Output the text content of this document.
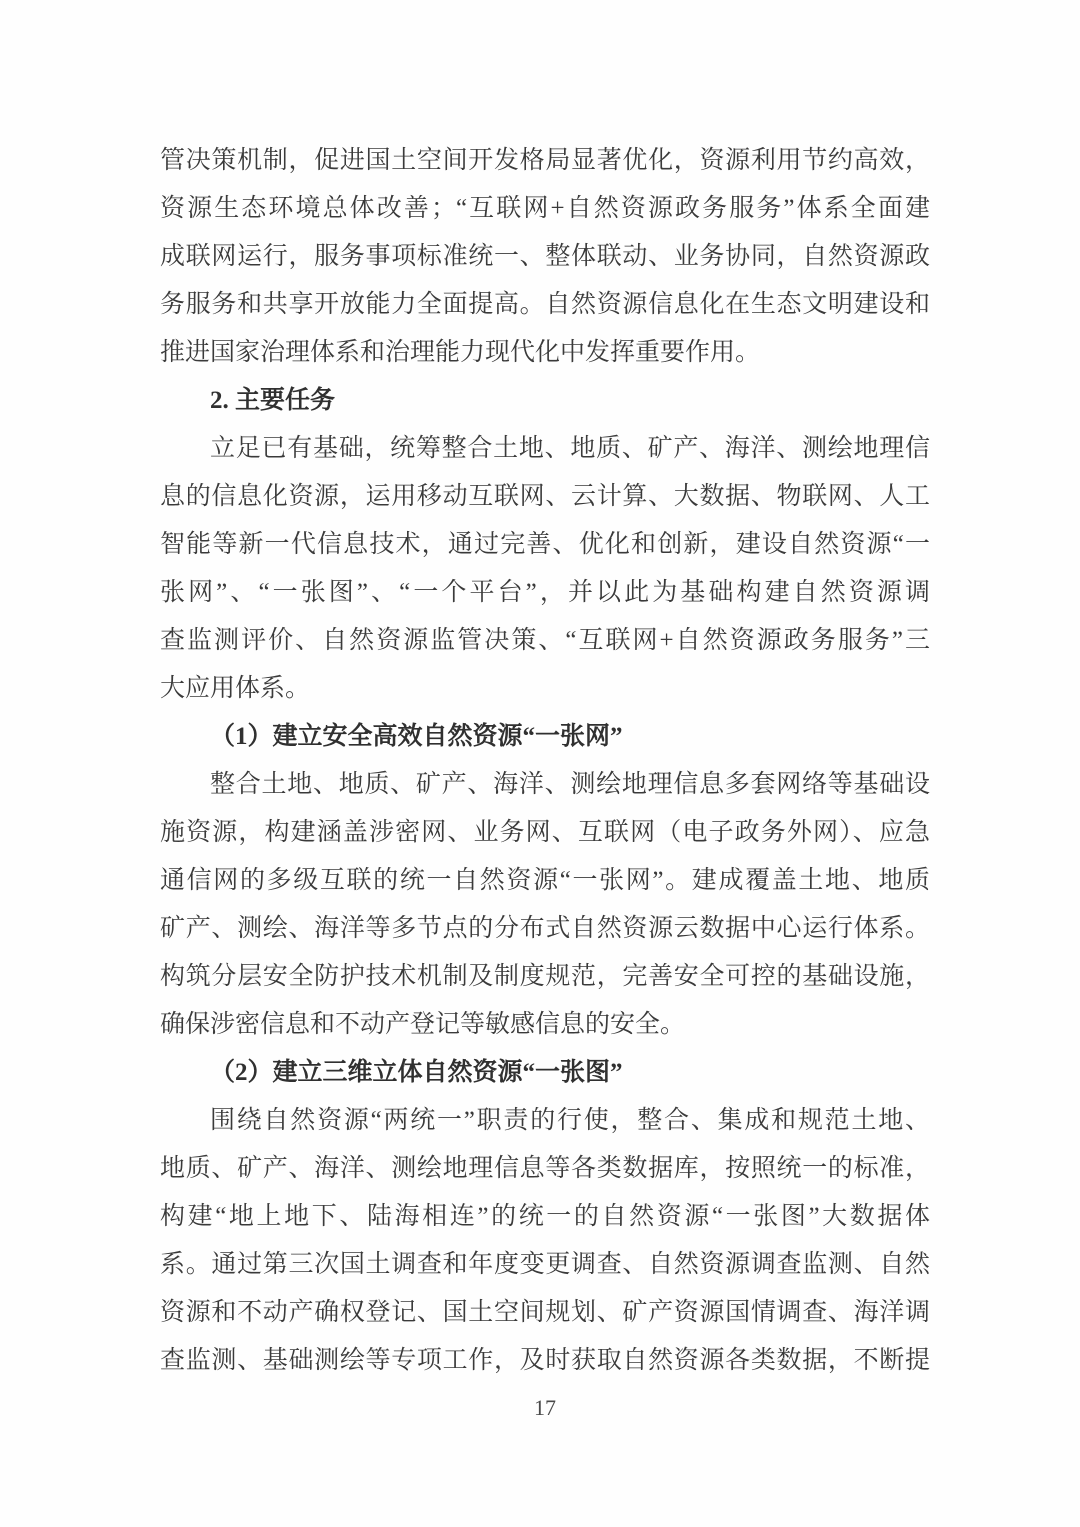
管决策机制，促进国土空间开发格局显著优化，资源利用节约高效，
资源生态环境总体改善；“互联网+自然资源政务服务”体系全面建
成联网运行，服务事项标准统一、整体联动、业务协同，自然资源政
务服务和共享开放能力全面提高。自然资源信息化在生态文明建设和
推进国家治理体系和治理能力现代化中发挥重要作用。
2. 主要任务
立足已有基础，统筹整合土地、地质、矿产、海洋、测绘地理信
息的信息化资源，运用移动互联网、云计算、大数据、物联网、人工
智能等新一代信息技术，通过完善、优化和创新，建设自然资源“一
张网”、“一张图”、“一个平台”，并以此为基础构建自然资源调
查监测评价、自然资源监管决策、“互联网+自然资源政务服务”三
大应用体系。
（1）建立安全高效自然资源“一张网”
整合土地、地质、矿产、海洋、测绘地理信息多套网络等基础设
施资源，构建涵盖涉密网、业务网、互联网（电子政务外网）、应急
通信网的多级互联的统一自然资源“一张网”。建成覆盖土地、地质
矿产、测绘、海洋等多节点的分布式自然资源云数据中心运行体系。
构筑分层安全防护技术机制及制度规范，完善安全可控的基础设施，
确保涉密信息和不动产登记等敏感信息的安全。
（2）建立三维立体自然资源“一张图”
围绕自然资源“两统一”职责的行使，整合、集成和规范土地、
地质、矿产、海洋、测绘地理信息等各类数据库，按照统一的标准，
构建“地上地下、陆海相连”的统一的自然资源“一张图”大数据体
系。通过第三次国土调查和年度变更调查、自然资源调查监测、自然
资源和不动产确权登记、国土空间规划、矿产资源国情调查、海洋调
查监测、基础测绘等专项工作，及时获取自然资源各类数据，不断提
17
